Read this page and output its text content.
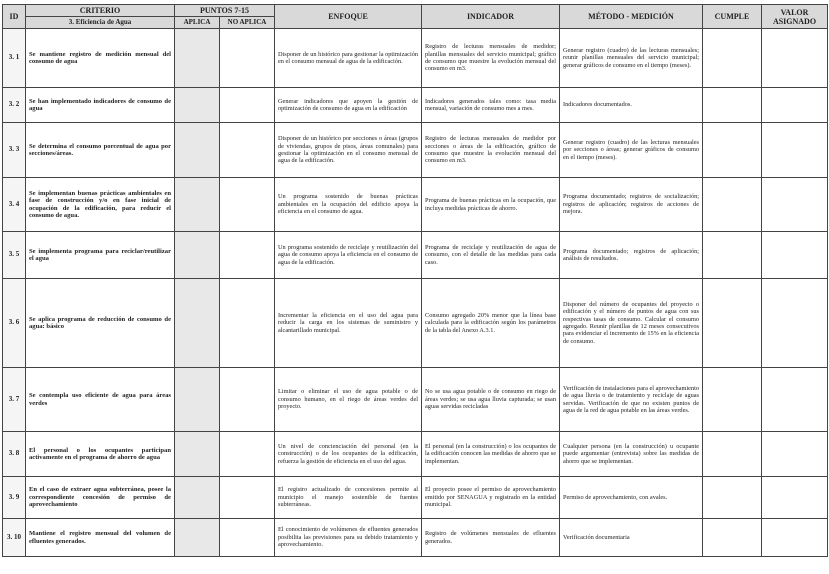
ID	CRITERIO	PUNTOS 7-15		ENFOQUE	INDICADOR	MÉTODO - MEDICIÓN	CUMPLE	VALOR ASIGNADO
	3. Eficiencia de Agua	APLICA	NO APLICA					
3. 1	Se mantiene registro de medición mensual del consumo de agua			Disponer de un histórico para gestionar la optimización en el consumo mensual de agua de la edificación.	Registro de lecturas mensuales de medidor; planillas mensuales del servicio municipal; gráfico de consumo que muestre la evolución mensual del consumo en m3.	Generar registro (cuadro) de las lecturas mensuales; reunir planillas mensuales del servicio municipal; generar gráficos de consumo en el tiempo (meses).		
3. 2	Se han implementado indicadores de consumo de agua			Generar indicadores que apoyen la gestión de optimización de consumo de agua en la edificación	Indicadores generados tales como: tasa media mensual, variación de consumo mes a mes.	Indicadores documentados.		
3. 3	Se determina el consumo porcentual de agua por secciones/áreas.			Disponer de un histórico por secciones o áreas (grupos de viviendas, grupos de pisos, áreas comunales) para gestionar la optimización en el consumo mensual de agua de la edificación.	Registro de lecturas mensuales de medidor por secciones o áreas de la edificación, gráfico de consumo que muestre la evolución mensual del consumo en m3.	Generar registro (cuadro) de las lecturas mensuales por secciones o áreas; generar gráficos de consumo en el tiempo (meses).		
3. 4	Se implementan buenas prácticas ambientales en fase de construcción y/o en fase inicial de ocupación de la edificación, para reducir el consumo de agua.			Un programa sostenido de buenas prácticas ambientales en la ocupación del edificio apoya la eficiencia en el consumo de agua.	Programa de buenas prácticas en la ocupación, que incluya medidas prácticas de ahorro.	Programa documentado; registros de socialización; registros de aplicación; registros de acciones de mejora.		
3. 5	Se implementa programa para reciclar/reutilizar el agua			Un programa sostenido de reciclaje y reutilización del agua de consumo apoya la eficiencia en el consumo de agua de la edificación.	Programa de reciclaje y reutilización de agua de consumo, con el detalle de las medidas para cada caso.	Programa documentado; registros de aplicación; análisis de resultados.		
3. 6	Se aplica programa de reducción de consumo de agua: básico			Incrementar la eficiencia en el uso del agua para reducir la carga en los sistemas de suministro y alcantarillado municipal.	Consumo agregado 20% menor que la línea base calculada para la edificación según los parámetros de la tabla del Anexo A.3.1.	Disponer del número de ocupantes del proyecto o edificación y el número de puntos de agua con sus respectivas tasas de consumo. Calcular el consumo agregado. Reunir planillas de 12 meses consecutivos para evidenciar el incremento de 15% en la eficiencia de consumo.		
3. 7	Se contempla uso eficiente de agua para áreas verdes			Limitar o eliminar el uso de agua potable o de consumo humano, en el riego de áreas verdes del proyecto.	No se usa agua potable o de consumo en riego de áreas verdes; se usa agua lluvia capturada; se usan aguas servidas recicladas	Verificación de instalaciones para el aprovechamiento de agua lluvia o de tratamiento y reciclaje de aguas servidas. Verificación de que no existen puntos de agua de la red de agua potable en las áreas verdes.		
3. 8	El personal o los ocupantes participan activamente en el programa de ahorro de agua			Un nivel de concienciación del personal (en la construcción) o de los ocupantes de la edificación, refuerza la gestión de eficiencia en el uso del agua.	El personal (en la construcción) o los ocupantes de la edificación conocen las medidas de ahorro que se implementan.	Cualquier persona (en la construcción) u ocupante puede argumentar (entrevista) sobre las medidas de ahorro que se implementan.		
3. 9	En el caso de extraer agua subterránea, posee la correspondiente concesión de permiso de aprovechamiento			El registro actualizado de concesiones permite al municipio el manejo sostenible de fuentes subterráneas.	El proyecto posee el permiso de aprovechamiento emitido por SENAGUA y registrado en la entidad municipal.	Permiso de aprovechamiento, con avales.		
3. 10	Mantiene el registro mensual del volumen de efluentes generados.			El conocimiento de volúmenes de efluentes generados posibilita las previsiones para su debido tratamiento y aprovechamiento.	Registro de volúmenes mensuales de efluentes generados.	Verificación documentaria		
